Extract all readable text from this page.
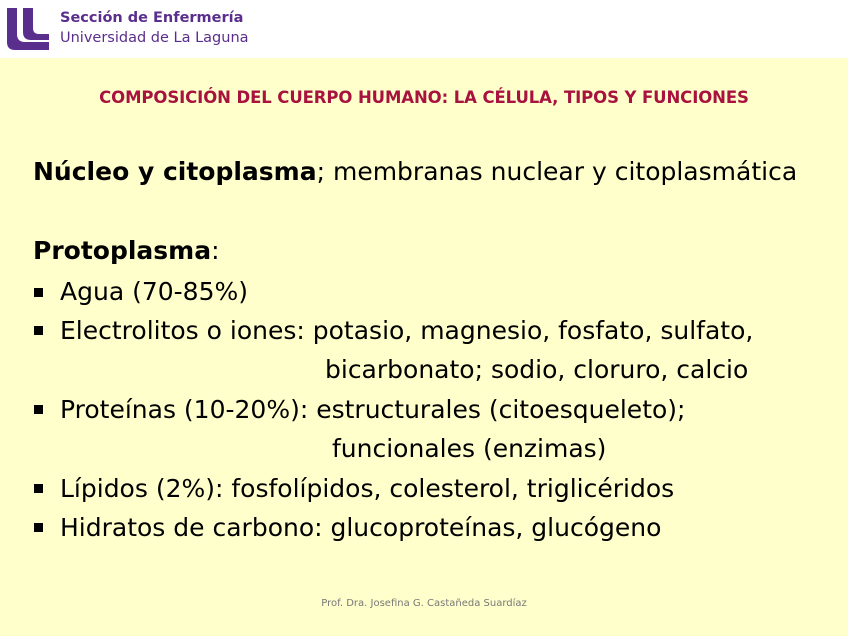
Sección de Enfermería
Universidad de La Laguna
COMPOSICIÓN DEL CUERPO HUMANO: LA CÉLULA, TIPOS Y FUNCIONES
Núcleo y citoplasma; membranas nuclear y citoplasmática
Protoplasma:
Agua (70-85%)
Electrolitos o iones: potasio, magnesio, fosfato, sulfato,
bicarbonato; sodio, cloruro, calcio
Proteínas (10-20%): estructurales (citoesqueleto);
funcionales (enzimas)
Lípidos (2%): fosfolípidos, colesterol, triglicéridos
Hidratos de carbono: glucoproteínas, glucógeno
Prof. Dra. Josefina G. Castañeda Suardíaz
